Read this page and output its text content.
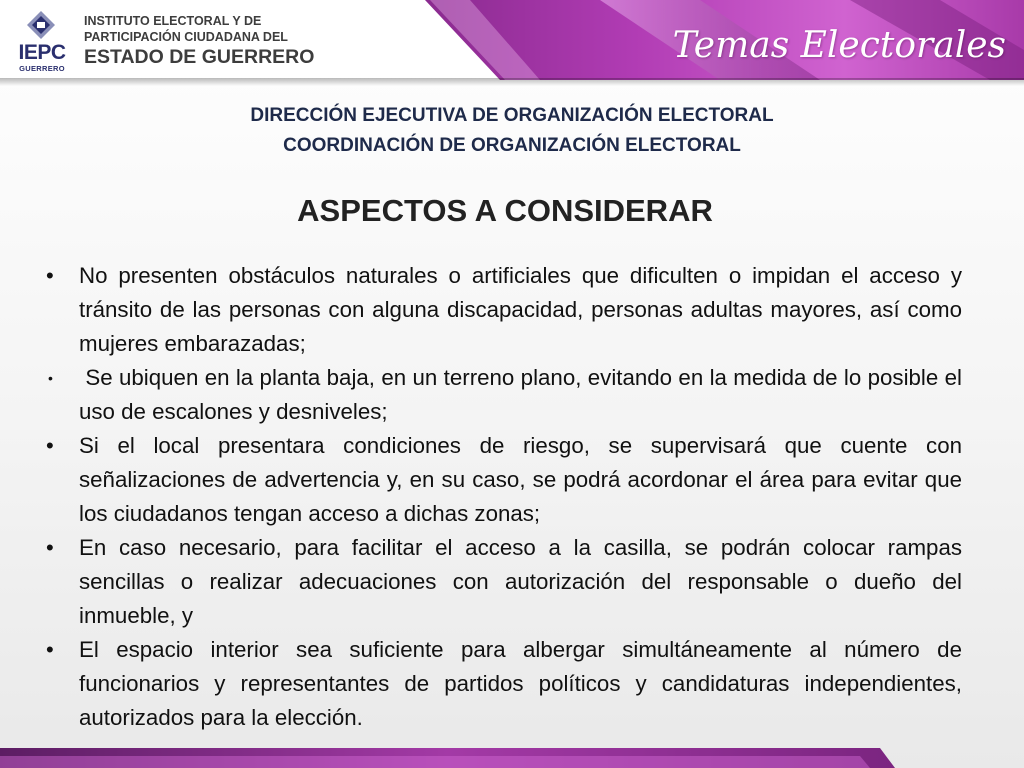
IEPC
GUERRERO
INSTITUTO ELECTORAL Y DE
PARTICIPACIÓN CIUDADANA DEL
ESTADO DE GUERRERO	Temas Electorales
DIRECCIÓN EJECUTIVA DE ORGANIZACIÓN ELECTORAL
COORDINACIÓN DE ORGANIZACIÓN ELECTORAL
ASPECTOS A CONSIDERAR
• No presenten obstáculos naturales o artificiales que dificulten o impidan el acceso y tránsito de las personas con alguna discapacidad, personas adultas mayores, así como mujeres embarazadas;
• Se ubiquen en la planta baja, en un terreno plano, evitando en la medida de lo posible el uso de escalones y desniveles;
• Si el local presentara condiciones de riesgo, se supervisará que cuente con señalizaciones de advertencia y, en su caso, se podrá acordonar el área para evitar que los ciudadanos tengan acceso a dichas zonas;
• En caso necesario, para facilitar el acceso a la casilla, se podrán colocar rampas sencillas o realizar adecuaciones con autorización del responsable o dueño del inmueble, y
• El espacio interior sea suficiente para albergar simultáneamente al número de funcionarios y representantes de partidos políticos y candidaturas independientes, autorizados para la elección.
